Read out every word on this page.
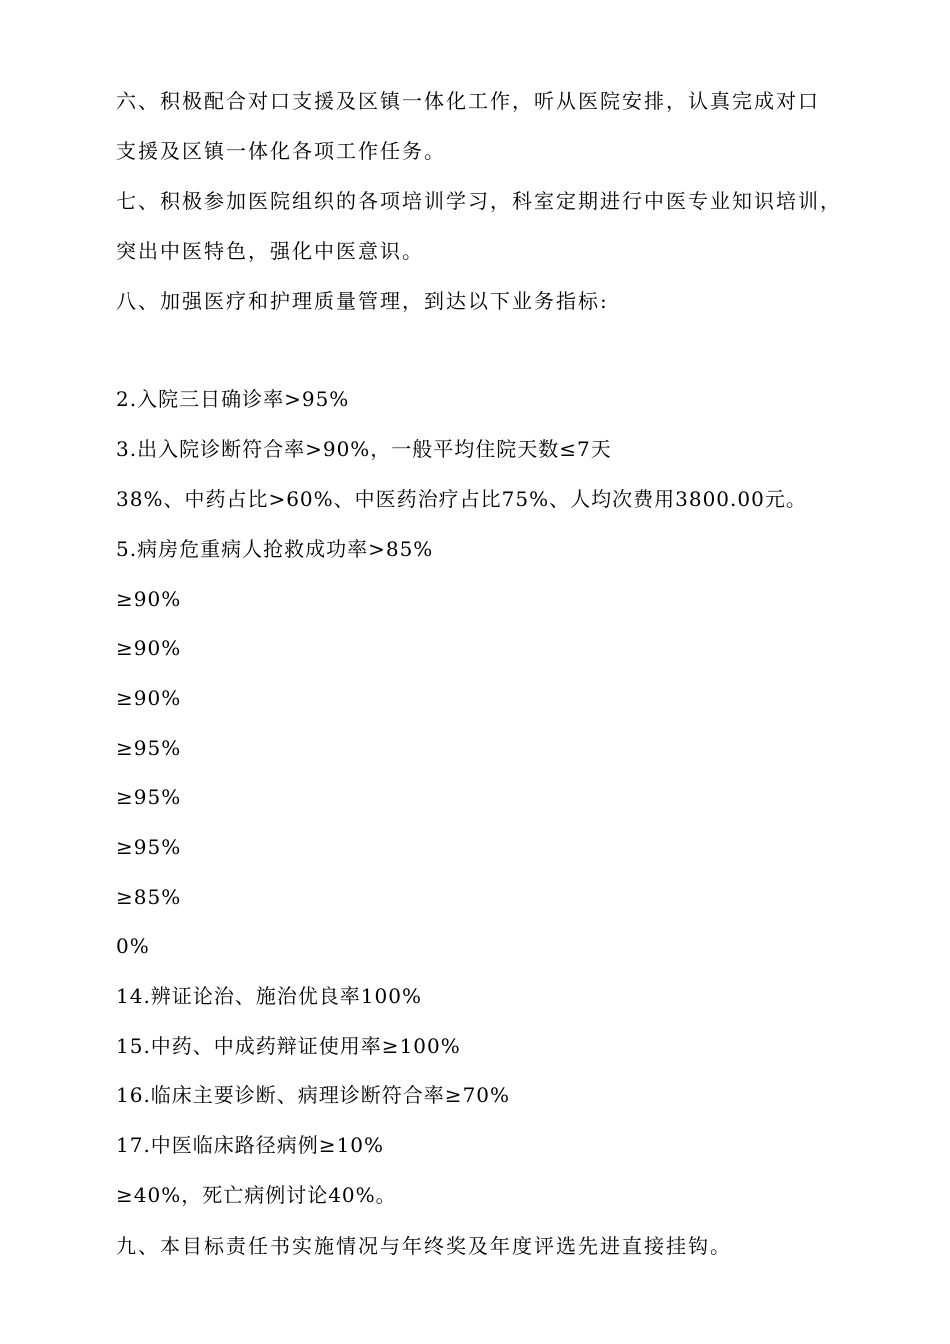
六、积极配合对口支援及区镇一体化工作，听从医院安排，认真完成对口
支援及区镇一体化各项工作任务。
七、积极参加医院组织的各项培训学习，科室定期进行中医专业知识培训，
突出中医特色，强化中医意识。
八、加强医疗和护理质量管理，到达以下业务指标:
2.入院三日确诊率>95%
3.出入院诊断符合率>90%，一般平均住院天数≤7天
38%、中药占比>60%、中医药治疗占比75%、人均次费用3800.00元。
5.病房危重病人抢救成功率>85%
≥90%
≥90%
≥90%
≥95%
≥95%
≥95%
≥85%
0%
14.辨证论治、施治优良率100%
15.中药、中成药辩证使用率≥100%
16.临床主要诊断、病理诊断符合率≥70%
17.中医临床路径病例≥10%
≥40%，死亡病例讨论40%。
九、本目标责任书实施情况与年终奖及年度评选先进直接挂钩。
